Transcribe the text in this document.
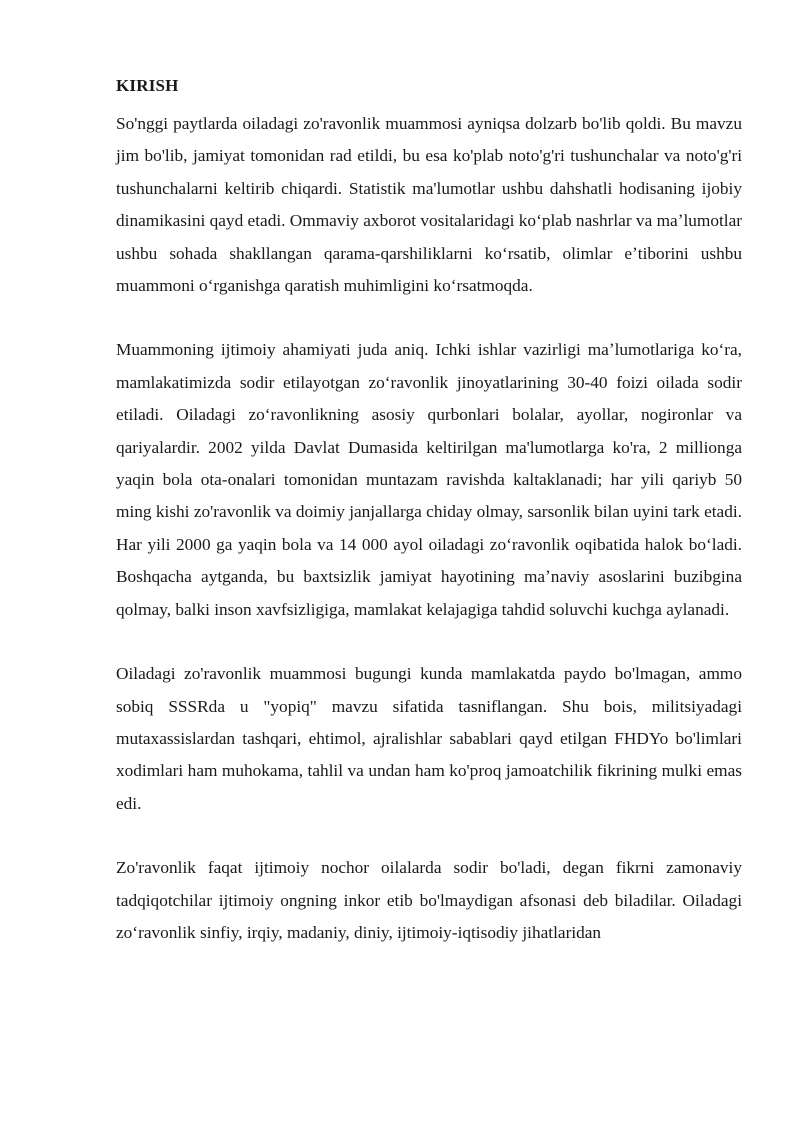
KIRISH

So'nggi paytlarda oiladagi zo'ravonlik muammosi ayniqsa dolzarb bo'lib qoldi. Bu mavzu jim bo'lib, jamiyat tomonidan rad etildi, bu esa ko'plab noto'g'ri tushunchalar va noto'g'ri tushunchalarni keltirib chiqardi. Statistik ma'lumotlar ushbu dahshatli hodisaning ijobiy dinamikasini qayd etadi. Ommaviy axborot vositalaridagi koʻplab nashrlar va maʼlumotlar ushbu sohada shakllangan qarama-qarshiliklarni koʻrsatib, olimlar eʼtiborini ushbu muammoni oʻrganishga qaratish muhimligini koʻrsatmoqda.

Muammoning ijtimoiy ahamiyati juda aniq. Ichki ishlar vazirligi maʼlumotlariga koʻra, mamlakatimizda sodir etilayotgan zoʻravonlik jinoyatlarining 30-40 foizi oilada sodir etiladi. Oiladagi zoʻravonlikning asosiy qurbonlari bolalar, ayollar, nogironlar va qariyalardir. 2002 yilda Davlat Dumasida keltirilgan ma'lumotlarga ko'ra, 2 millionga yaqin bola ota-onalari tomonidan muntazam ravishda kaltaklanadi; har yili qariyb 50 ming kishi zo'ravonlik va doimiy janjallarga chiday olmay, sarsonlik bilan uyini tark etadi. Har yili 2000 ga yaqin bola va 14 000 ayol oiladagi zoʻravonlik oqibatida halok boʻladi. Boshqacha aytganda, bu baxtsizlik jamiyat hayotining maʼnaviy asoslarini buzibgina qolmay, balki inson xavfsizligiga, mamlakat kelajagiga tahdid soluvchi kuchga aylanadi.

Oiladagi zo'ravonlik muammosi bugungi kunda mamlakatda paydo bo'lmagan, ammo sobiq SSSRda u "yopiq" mavzu sifatida tasniflangan. Shu bois, militsiyadagi mutaxassislardan tashqari, ehtimol, ajralishlar sabablari qayd etilgan FHDYo bo'limlari xodimlari ham muhokama, tahlil va undan ham ko'proq jamoatchilik fikrining mulki emas edi.

Zo'ravonlik faqat ijtimoiy nochor oilalarda sodir bo'ladi, degan fikrni zamonaviy tadqiqotchilar ijtimoiy ongning inkor etib bo'lmaydigan afsonasi deb biladilar. Oiladagi zoʻravonlik sinfiy, irqiy, madaniy, diniy, ijtimoiy-iqtisodiy jihatlaridan
